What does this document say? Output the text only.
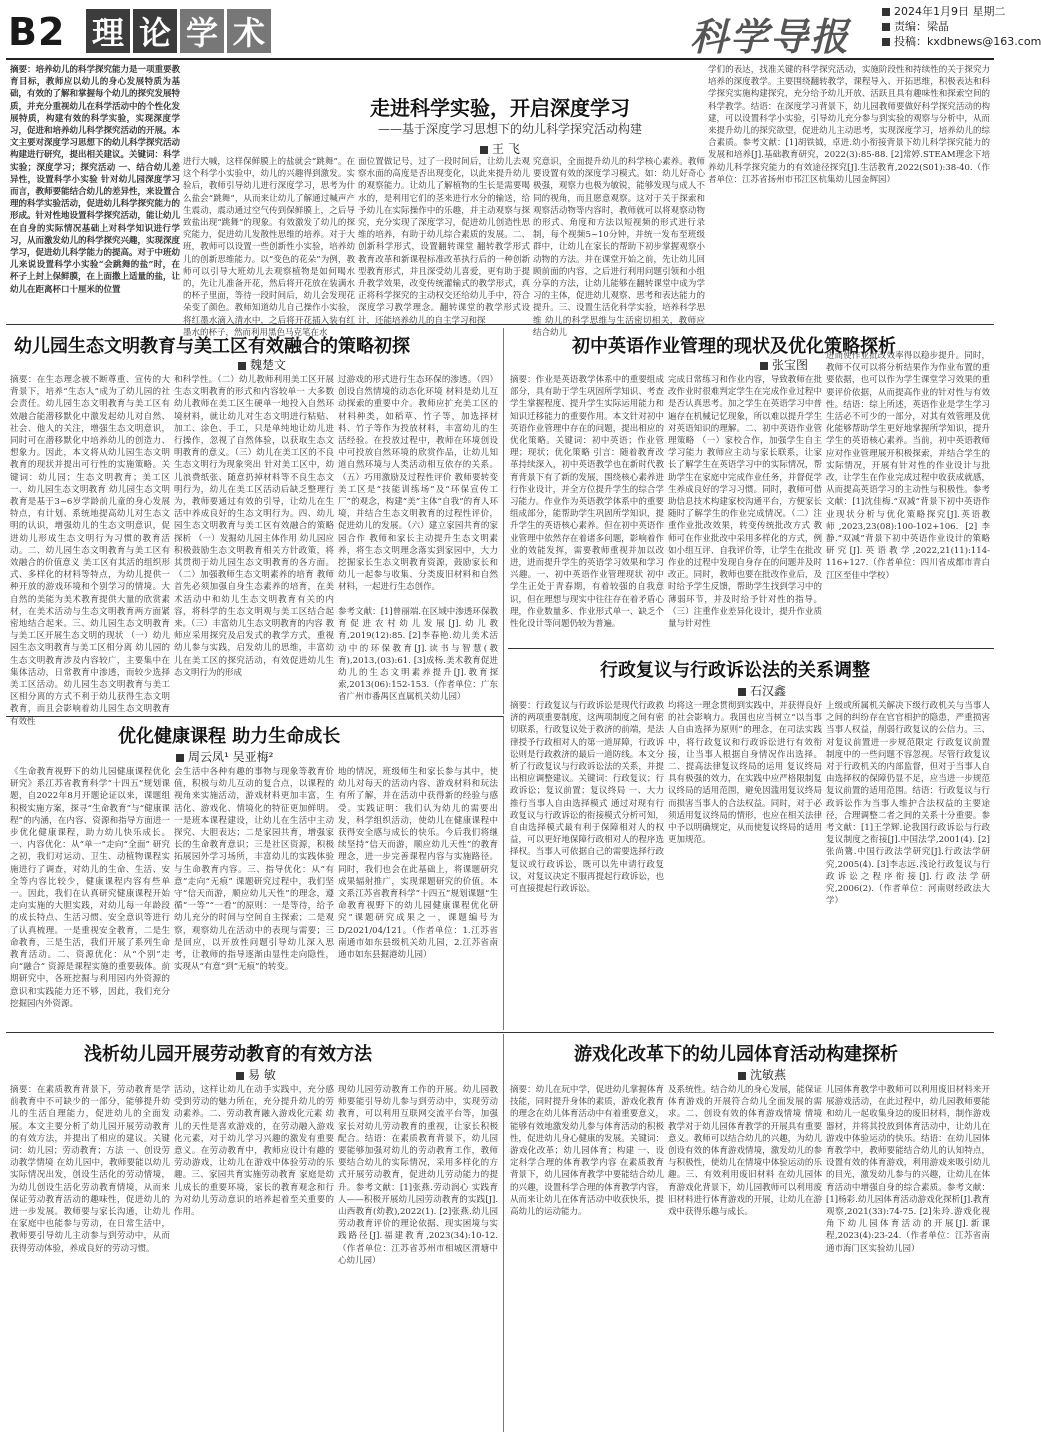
B2 理 论 学 术	科学导报
2024年1月9日 星期二
责编：梁晶
投稿：kxdbnews@163.com
走进科学实验，开启深度学习
——基于深度学习思想下的幼儿科学探究活动构建
王 飞
摘要：培养幼儿的科学探究能力是一项重要教育目标，教师应以幼儿的身心发展特质为基础，有效的了解和掌握每个幼儿的探究发展特质，并充分重视幼儿在科学活动中的个性化发展特质，构建有效的科学实验，实现深度学习，促进和培养幼儿科学探究活动的开展。本文主要对深度学习思想下的幼儿科学探究活动构建进行研究，提出相关建议。关键词：科学实验；深度学习；探究活动 一、结合幼儿差异性，设置科学小实验 针对幼儿园深度学习而言，教师要能结合幼儿的差异性，来设置合理的科学实验活动，促进幼儿科学探究能力的形成。针对性地设置科学探究活动，能让幼儿在自身的实际情况基础上对科学知识进行学习，从而激发幼儿的科学探究兴趣，实现深度学习，促进幼儿科学能力的提高。对于中班幼儿来说设置科学小实验“会跳舞的盐”时，在杯子上封上保鲜膜，在上面撒上适量的盐，让幼儿在距离杯口十厘米的位置
进行大喊，这样保鲜膜上的盐就会“跳舞”。在这个科学小实验中，幼儿的兴趣得到激发。实验后，教师引导幼儿进行深度学习，思考为什么盐会“跳舞”，从而来让幼儿了解通过喊声产生震动，震动通过空气传到保鲜膜上，之后导致盐出现“跳舞”的现象。有效激发了幼儿的探究能力，促进幼儿发散性思维的培养。对于大班，教师可以设置一些创新性小实验，培养幼儿的创新思维能力。以“变色的花朵”为例，教师可以引导大班幼儿去观察植物是如何喝水的，先让儿准备开花，然后将开花放在装满水的杯子里面，等待一段时间后，幼儿会发现花朵变了颜色。教师知道幼儿自己操作小实验，将红墨水滴入清水中，之后将开花插入装有红墨水的杯子，然而利用黑色马克笔在水
面位置做记号，过了一段时间后，让幼儿去观察水面的高度是否出现变化，以此来提升幼儿的观察能力。让幼儿了解植物的生长是需要喝水的，是利用它们的茎来进行水分的输送，给予幼儿在实际操作中的乐趣，并主动观察与探究，充分实现了深度学习，促进幼儿创造性思维的培养，有助于幼儿综合素质的发展。二、创新科学形式，设置翻转课堂 翻转教学形式教育改革和新课程标准改革执行后的一种创新型教育形式，并且深受幼儿喜爱，更有助于提升教学效果，改变传统灌输式的教学形式，真正将科学探究的主动权交还给幼儿手中，符合深度学习教学理念。翻转课堂的教学形式设计，还能培养幼儿的自主学习和探
究意识，全面提升幼儿的科学核心素养。教师要设置有效的深度学习模式。如：幼儿好奇心极强，观察力也极为敏锐，能够发现与成人不同的视角，而且愿意观察。这对于关于探索和观察活动物等内容时，教师就可以将观察动物的形式、角度和方法以短视频的形式进行录制，每个视频5~10分钟，并统一发布至班级群中，让幼儿在家长的帮助下初步掌握观察小动物的方法。并在课堂开始之前，先让幼儿回顾前面的内容，之后进行利用问题引领和小组分享的方法，让幼儿能够在翻转课堂中成为学习的主体，促进幼儿观察、思考和表达能力的提升。三、设置生活化科学实验，培养科学思维 幼儿的科学思维与生活密切相关，教师应结合幼儿
学们的表达，找准关键的科学探究活动，实施阶段性和持续性的关于探究力培养的深度教学。主要围绕翻转教学，课程导入、开拓思维，积极表达和科学探究实施构建探究，充分给予幼儿开放、活跃且具有趣味性和探索空间的科学教学。结语：在深度学习背景下，幼儿园教师要做好科学探究活动的构建，可以设置科学小实验，引导幼儿充分参与到实验的观察与分析中，从而来提升幼儿的探究欲望，促进幼儿主动思考，实现深度学习，培养幼儿的综合素质。参考文献：[1]胡铁钺，卓进.幼小衔接背景下幼儿科学探究能力的发展和培养[J].基础教育研究，2022(3):85-88. [2]常婷.STEAM理念下培养幼儿科学探究能力的有效途径探究[J].生活教育,2022(S01):38-40.（作者单位：江苏省扬州市邗江区杭集幼儿园金辉园）
幼儿园生态文明教育与美工区有效融合的策略初探
魏楚文
摘要：在生态理念被不断尊重、宣传的大背景下，培养“生态人”成为了幼儿园的社会责任。幼儿园生态文明教育与美工区有效融合能潜移默化中激发起幼儿对自然、社会、他人的关注，增强生态文明意识，同时可在潜移默化中培养幼儿的创造力、想象力。因此，本文将从幼儿园生态文明教育的现状并提出可行性的实施策略。关键词：幼儿园；生态文明教育；美工区 一、幼儿园生态文明教育 幼儿园生态文明教育是基于3~6岁学龄前儿童的身心发展特点，有计划、系统地提高幼儿对生态文明的认识，增强幼儿的生态文明意识，促进幼儿形成生态文明行为习惯的教育活动。二、幼儿园生态文明教育与美工区有效融合的价值意义 美工区有其活的组织形式、多样化的材料等特点，为幼儿提供一种开放的游戏环境和个别学习的情境。大自然的美能为美术教育提供大量的欣赏素材，在美术活动与生态文明教育两方面紧密地结合起来。三、幼儿园生态文明教育与美工区开展生态文明的现状 （一）幼儿园生态文明教育与美工区相分离 幼儿园的生态文明教育涉及内容较广，主要集中在集体活动，日常教育中渗透，而较少选择美工区活动。幼儿园生态文明教育与美工区相分离的方式不利于幼儿获得生态文明教育，而且会影响着幼儿园生态文明教育有效性
和科学性。（二）幼儿教师利用美工区开展生态文明教育的形式和内容较单一 大多数幼儿教师在美工区生硬单一地投入自然环境材料，就让幼儿对生态文明进行粘贴、加工、涂色、手工，只是单纯地让幼儿进行操作，忽视了自然体验，以获取生态文明教育的意义。（三）幼儿在美工区的不良生态文明行为现象突出 针对美工区中，幼儿浪费纸张、随意扔掉材料等不良生态文明行为，幼儿在美工区活动后缺乏整理行为，教师要通过有效的引导，让幼儿在生活中养成良好的生态文明行为。四、幼儿园生态文明教育与美工区有效融合的策略探析 （一）发掘幼儿园主体作用 幼儿园应积极鼓励生态文明教育相关方针政策，将其贯彻于幼儿园生态文明教育的各方面。（二）加强教师生态文明素养的培育 教师首先必须加强自身生态素养的培育，在美术活动中和幼儿生态文明教育有关的内容，将科学的生态文明观与美工区结合起来。（三）丰富幼儿生态文明教育的内容 教师应采用探究及启发式的教学方式，重视幼儿参与实践，启发幼儿的思维，丰富幼儿在美工区的探究活动，有效促进幼儿生态文明行为的形成
过游戏的形式进行生态环保的渗透。（四）创设自然情境的动态化环境 材料是幼儿互动探索的重要中介。教师应扩充美工区的材料种类，如稻草、竹子等，加选择材料、竹子等作为投放材料，丰富幼儿的生活经验。在投放过程中，教师在环境创设中可投放自然环境的欣赏作品，让幼儿知道自然环境与人类活动相互依存的关系。（五）巧用激励及过程性评价 教师要转变美工区是“技能训练场”及“环保宣传工厂”的观念，构建“美”主体“自我”的育人环境，并结合生态文明教育的过程性评价，促进幼儿的发展。（六）建立家园共育的家园合作 教师和家长主动提升生态文明素养，将生态文明理念落实到家园中，大力挖掘家长生态文明教育资源，鼓励家长和幼儿一起参与收集、分类废旧材料和自然材料，一起进行生态创作。
参考文献：[1]曾丽端.在区域中渗透环保教育促进农村幼儿发展[J].幼儿教育,2019(12):85. [2]李春艳.幼儿美术活动中的环保教育[J].读书与智慧(教育),2013,(03):61. [3]成杨.美术教育促进幼儿的生态文明素养提升[J].教育探索,2013(06):152-153.（作者单位：广东省广州市番禺区直属机关幼儿园）
初中英语作业管理的现状及优化策略探析
张宝图
摘要：作业是英语教学体系中的重要组成部分，具有助于学生巩固所学知识、考查学生掌握程度、提升学生实际运用能力和知识迁移能力的重要作用。本文针对初中英语作业管理中存在的问题，提出相应的优化策略。关键词：初中英语；作业管理；现状；优化策略 引言：随着教育改革持续深入，初中英语教学也在新时代教育背景下有了新的发展，围绕核心素养进行作业设计，并全方位提升学生的综合学习能力。作业作为英语教学体系中的重要组成部分，能帮助学生巩固所学知识，提升学生的英语核心素养。但在初中英语作业管理中依然存在着诸多问题，影响着作业的效能发挥，需要教师重视并加以改进，进而提升学生的英语学习效果和学习兴趣。一、初中英语作业管理现状 初中学生正处于青春期，有着较强的自我意识，但在理想与现实中往往存在着矛盾心理，作业数量多、作业形式单一、缺乏个性化设计等问题仍较为普遍。
完成日常练习和作业内容，导致教师在批改作业时很难判定学生在完成作业过程中是否认真思考。加之学生在英语学习中普遍存在机械记忆现象，所以难以提升学生对英语知识的理解。二、初中英语作业管理策略 （一）家校合作，加强学生自主学习能力 教师应主动与家长联系，让家长了解学生在英语学习中的实际情况，帮助学生在家庭中完成作业任务，并督促学生养成良好的学习习惯。同时，教师可借助信息技术构建家校沟通平台，方便家长随时了解学生的作业完成情况。（二）注重作业批改效果，转变传统批改方式 教师可在作业批改中采用多样化的方式，例如小组互评、自我评价等，让学生在批改作业的过程中发现自身存在的问题并及时改正。同时，教师也要在批改作业后，及时给予学生反馈，帮助学生找到学习中的薄弱环节，并及时给予针对性的指导。（三）注重作业差异化设计，提升作业质量与针对性
进而使作业批改效率得以稳步提升。同时，教师不仅可以将分析结果作为作业布置的重要依据，也可以作为学生课堂学习效果的重要评价依据，从而提高作业的针对性与有效性。结语：综上所述，英语作业是学生学习生活必不可少的一部分，对其有效管理及优化能够帮助学生更好地掌握所学知识，提升学生的英语核心素养。当前，初中英语教师应对作业管理展开积极探索，并结合学生的实际情况，开展有针对性的作业设计与批改，让学生在作业完成过程中收获成就感，从而提高英语学习的主动性与积极性。参考文献：[1]沈佳梅.“双减”背景下初中英语作业现状分析与优化策略探究[J].英语教师,2023,23(08):100-102+106. [2]李静.“双减”背景下初中英语作业设计的策略研究[J].英语教学,2022,21(11):114-116+127.（作者单位：四川省成都市青白江区至佳中学校）
行政复议与行政诉讼法的关系调整
石汉鑫
摘要：行政复议与行政诉讼是现代行政救济的两项重要制度，这两项制度之间有密切联系，行政复议处于救济的前端，是法律授予行政相对人的第一道屏障，行政诉讼则是行政救济的最后一道防线。本文分析了行政复议与行政诉讼法的关系，并提出相应调整建议。关键词：行政复议；行政诉讼；复议前置；复议终局 一、大力推行当事人自由选择模式 通过对现有行政复议与行政诉讼的衔接模式分析可知，自由选择模式最有利于保障相对人的权益，可以更好地保障行政相对人的程序选择权。当事人可依据自己的需要选择行政复议或行政诉讼，既可以先申请行政复议，对复议决定不服再提起行政诉讼，也可直接提起行政诉讼。
均将这一理念贯彻到实践中，并获得良好的社会影响力。我国也应当树立“以当事人自由选择为原则”的理念，在司法实践中，将行政复议和行政诉讼进行有效衔接，让当事人根据自身情况作出选择。二、提高法律复议终局的运用 复议终局具有极强的效力，在实践中应严格限制复议终局的适用范围，避免因滥用复议终局而损害当事人的合法权益。同时，对于必须适用复议终局的情形，也应在相关法律中予以明确规定，从而使复议终局的适用更加规范。
上级或所属机关解决下级行政机关与当事人之间的纠纷存在官官相护的隐患，严重损害当事人权益，削弱行政复议的公信力。三、对复议前置进一步规范限定 行政复议前置制度中的一些问题不容忽视。尽管行政复议对于行政机关的内部监督，但对于当事人自由选择权的保障仍显不足，应当进一步规范复议前置的适用范围。结语：行政复议与行政诉讼作为当事人维护合法权益的主要途径，合理调整二者之间的关系十分重要。参考文献：[1]王学辉.论我国行政诉讼与行政复议制度之衔接[J].中国法学,2001(4). [2]张尚鷟.中国行政法学研究[J].行政法学研究,2005(4). [3]李志远.浅论行政复议与行政诉讼之程序衔接[J].行政法学研究,2006(2).（作者单位：河南财经政法大学）
优化健康课程 助力生命成长
周云凤¹ 吴亚梅²
《生命教育视野下的幼儿园健康课程优化研究》系江苏省教育科学“十四五”规划课题，自2022年8月开题论证以来，课题组积极实施方案，探寻“生命教育”与“健康课程”的内涵，在内容、资源和指导方面进一步优化健康课程，助力幼儿快乐成长。一、内容优化：从“单一”走向“全面” 研究之初，我们对运动、卫生、动植物课程实施进行了调查，对幼儿的生命、生活、安全等内容比较少，健康课程内容有些单一。因此，我们在认真研究健康课程开始走向实施的大胆实践，对幼儿每一年龄段的成长特点、生活习惯、安全意识等进行了认真梳理。一是重视安全教育，二是生命教育，三是生活，我们开展了系列生命教育活动。二、资源优化：从“个别”走向“融合” 资源是课程实施的重要载体。前期研究中，各班挖掘与利用园内外资源的意识和实践能力还不够，因此，我们充分挖掘园内外资源。
会生活中各种有趣的事物与现象等教育价值，积极与幼儿互动的复合点，以课程的视角来实施活动，游戏材料更加丰富，生活化、游戏化、情境化的特征更加鲜明。一是班本课程建设，让幼儿在生活中主动探究、大胆表达；二是家园共育，增强家长的生命教育意识；三是社区资源，积极拓展园外学习场所，丰富幼儿的实践体验与生命教育内容。三、指导优化：从“有意”走向“无痕” 课题研究过程中，我们坚守“信天而游，顺应幼儿天性”的理念，遵循“一等”“一看”的原则：一是等待，给予幼儿充分的时间与空间自主探索；二是观察，观察幼儿在活动中的表现与需要；三是回应，以开放性问题引导幼儿深入思考，让教师的指导逐渐由显性走向隐性，实现从“有意”到“无痕”的转变。
地的情况，班级师生和家长参与其中，使幼儿对每天的活动内容、游戏材料和玩法有所了解，并在活动中获得新的经验与感受。实践证明：我们认为幼儿的需要出发，科学组织活动，使幼儿在健康课程中获得安全感与成长的快乐。今后我们将继续坚持“信天而游，顺应幼儿天性”的教育理念，进一步完善课程内容与实施路径。同时，我们也会在此基础上，将课题研究成果辐射推广，实现课题研究的价值。本文系江苏省教育科学“十四五”规划课题“生命教育视野下的幼儿园健康课程优化研究”课题研究成果之一，课题编号为D/2021/04/121。（作者单位：1.江苏省南通市如东县级机关幼儿园，2.江苏省南通市如东县掘港幼儿园）
浅析幼儿园开展劳动教育的有效方法
易 敏
摘要：在素质教育背景下，劳动教育是学前教育中不可缺少的一部分，能够提升幼儿的生活自理能力，促进幼儿的全面发展。本文主要分析了幼儿园开展劳动教育的有效方法，并提出了相应的建议。关键词：幼儿园；劳动教育；方法 一、创设劳动教学情境 在幼儿园中，教师要能以幼儿实际情况出发，创设生活化的劳动情境，为幼儿创设生活化劳动教育情境，从而来保证劳动教育活动的趣味性，促进幼儿的进一步发展。教师要与家长沟通，让幼儿在家庭中也能参与劳动，在日常生活中，教师要引导幼儿主动参与到劳动中，从而获得劳动体验，养成良好的劳动习惯。
活动，这样让幼儿在动手实践中，充分感受到劳动的魅力所在，充分提升幼儿的劳动素养。二、劳动教育融入游戏化元素 幼儿的天性是喜欢游戏的，在劳动融入游戏化元素，对于幼儿学习兴趣的激发有重要意义。在劳动教育中，教师应设计有趣的劳动游戏，让幼儿在游戏中体验劳动的乐趣。三、家园共育实施劳动教育 家庭是幼儿成长的重要环境，家长的教育观念和行为对幼儿劳动意识的培养起着至关重要的作用。
现幼儿园劳动教育工作的开展。幼儿园教师要能引导幼儿参与到劳动中，实现劳动教育，可以利用互联网交流平台等，加强家长对幼儿劳动教育的重视，让家长积极配合。结语：在素质教育背景下，幼儿园要能够加强对幼儿的劳动教育工作，教师要结合幼儿的实际情况，采用多样化的方式开展劳动教育，促进幼儿劳动能力的提升。参考文献：[1]张燕.劳动润心 实践育人——积极开展幼儿园劳动教育的实践[J].山西教育(幼教),2022(1). [2]张燕.幼儿园劳动教育评价的理论依据、现实困境与实践路径[J].福建教育,2023(34):10-12.（作者单位：江苏省苏州市相城区渭塘中心幼儿园）
游戏化改革下的幼儿园体育活动构建探析
沈敏燕
摘要：幼儿在玩中学，促进幼儿掌握体育技能，同时提升身体的素质，游戏化教育的理念在幼儿体育活动中有着重要意义，能够有效地激发幼儿参与体育活动的积极性，促进幼儿身心健康的发展。关键词：游戏化改革；幼儿园体育；构建 一、设定科学合理的体育教学内容 在素质教育背景下，幼儿园体育教学中要能结合幼儿的兴趣，设置科学合理的体育教学内容，从而来让幼儿在体育活动中收获快乐，提高幼儿的运动能力。
及系统性。结合幼儿的身心发展，能保证体育游戏的开展符合幼儿全面发展的需求。二、创设有效的体育游戏情境 情境教学对于幼儿园体育教学的开展具有重要意义。教师可以结合幼儿的兴趣，为幼儿创设有效的体育游戏情境，激发幼儿的参与积极性，使幼儿在情境中体验运动的乐趣。三、有效利用废旧材料 在幼儿园体育游戏化背景下，幼儿园教师可以利用废旧材料进行体育游戏的开展，让幼儿在游戏中获得乐趣与成长。
儿园体育教学中教师可以利用废旧材料来开展游戏活动，在此过程中，幼儿园教师要能和幼儿一起收集身边的废旧材料，制作游戏器材，并将其投放到体育活动中，让幼儿在游戏中体验运动的快乐。结语：在幼儿园体育教学中，教师要能结合幼儿的认知特点，设置有效的体育游戏，利用游戏来吸引幼儿的目光，激发幼儿参与的兴趣，让幼儿在体育活动中增强自身的综合素质。参考文献：[1]杨彩.幼儿园体育活动游戏化探析[J].教育观察,2021(33):74-75. [2]朱玲.游戏化视角下幼儿园体育活动的开展[J].新课程,2023(4):23-24.（作者单位：江苏省南通市海门区实验幼儿园）
